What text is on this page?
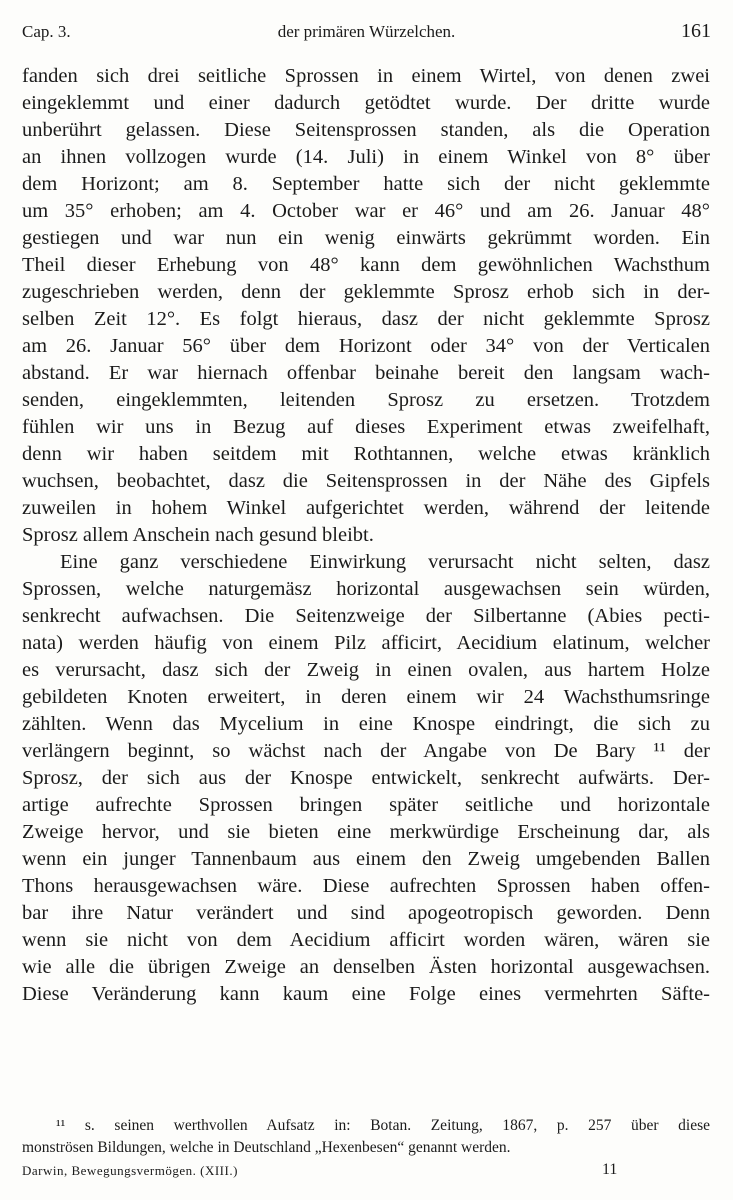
Cap. 3.	der primären Würzelchen.	161
fanden sich drei seitliche Sprossen in einem Wirtel, von denen zwei
eingeklemmt und einer dadurch getödtet wurde. Der dritte wurde
unberührt gelassen. Diese Seitensprossen standen, als die Operation
an ihnen vollzogen wurde (14. Juli) in einem Winkel von 8° über
dem Horizont; am 8. September hatte sich der nicht geklemmte
um 35° erhoben; am 4. October war er 46° und am 26. Januar 48°
gestiegen und war nun ein wenig einwärts gekrümmt worden. Ein
Theil dieser Erhebung von 48° kann dem gewöhnlichen Wachsthum
zugeschrieben werden, denn der geklemmte Sprosz erhob sich in der-
selben Zeit 12°. Es folgt hieraus, dasz der nicht geklemmte Sprosz
am 26. Januar 56° über dem Horizont oder 34° von der Verticalen
abstand. Er war hiernach offenbar beinahe bereit den langsam wach-
senden, eingeklemmten, leitenden Sprosz zu ersetzen. Trotzdem
fühlen wir uns in Bezug auf dieses Experiment etwas zweifelhaft,
denn wir haben seitdem mit Rothtannen, welche etwas kränklich
wuchsen, beobachtet, dasz die Seitensprossen in der Nähe des Gipfels
zuweilen in hohem Winkel aufgerichtet werden, während der leitende
Sprosz allem Anschein nach gesund bleibt.
Eine ganz verschiedene Einwirkung verursacht nicht selten, dasz
Sprossen, welche naturgemäsz horizontal ausgewachsen sein würden,
senkrecht aufwachsen. Die Seitenzweige der Silbertanne (Abies pecti-
nata) werden häufig von einem Pilz afficirt, Aecidium elatinum, welcher
es verursacht, dasz sich der Zweig in einen ovalen, aus hartem Holze
gebildeten Knoten erweitert, in deren einem wir 24 Wachsthumsringe
zählten. Wenn das Mycelium in eine Knospe eindringt, die sich zu
verlängern beginnt, so wächst nach der Angabe von De Bary ¹¹ der
Sprosz, der sich aus der Knospe entwickelt, senkrecht aufwärts. Der-
artige aufrechte Sprossen bringen später seitliche und horizontale
Zweige hervor, und sie bieten eine merkwürdige Erscheinung dar, als
wenn ein junger Tannenbaum aus einem den Zweig umgebenden Ballen
Thons herausgewachsen wäre. Diese aufrechten Sprossen haben offen-
bar ihre Natur verändert und sind apogeotropisch geworden. Denn
wenn sie nicht von dem Aecidium afficirt worden wären, wären sie
wie alle die übrigen Zweige an denselben Ästen horizontal ausgewachsen.
Diese Veränderung kann kaum eine Folge eines vermehrten Säfte-
¹¹ s. seinen werthvollen Aufsatz in: Botan. Zeitung, 1867, p. 257 über diese
monströsen Bildungen, welche in Deutschland „Hexenbesen“ genannt werden.
Darwin, Bewegungsvermögen. (XIII.)	11
